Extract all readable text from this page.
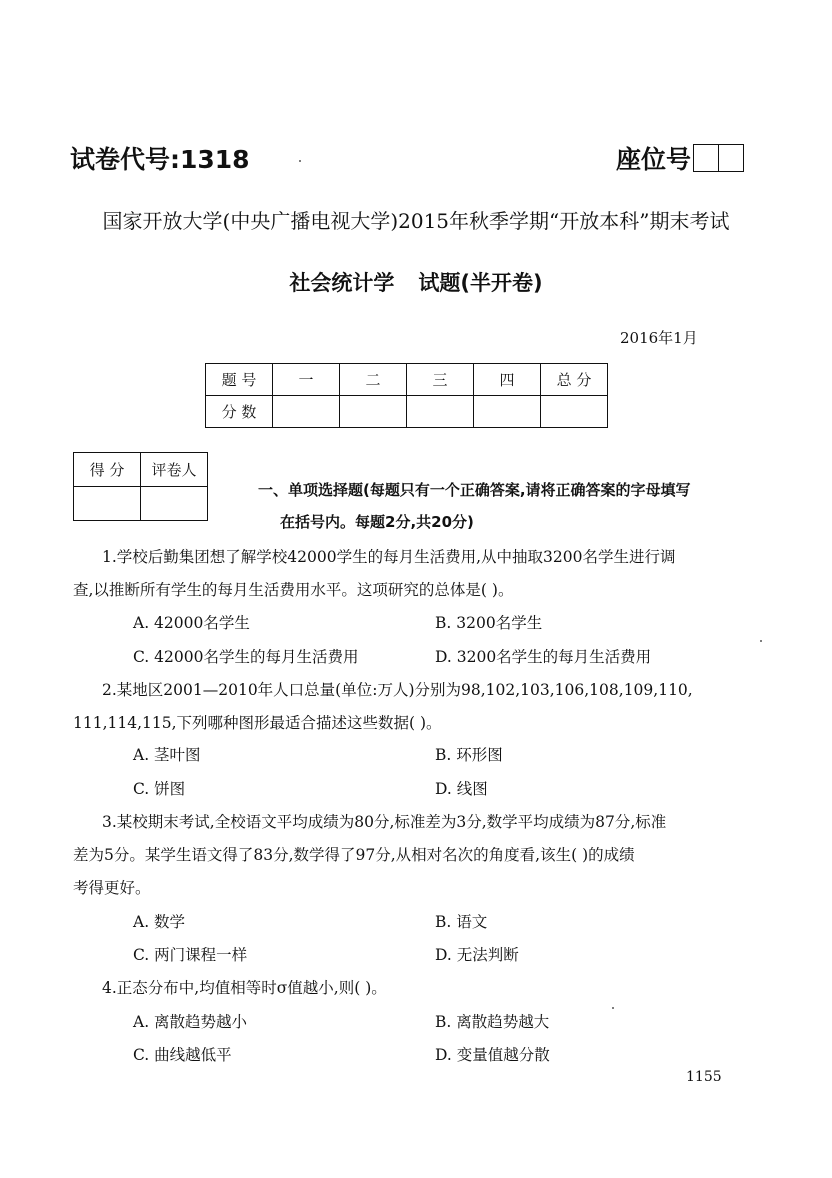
试卷代号:1318	座位号
国家开放大学(中央广播电视大学)2015年秋季学期“开放本科”期末考试
社会统计学 试题(半开卷)
2016年1月
题 号	一	二	三	四	总 分
分 数					
得 分	评卷人

一、单项选择题(每题只有一个正确答案,请将正确答案的字母填写
在括号内。每题2分,共20分)
1.学校后勤集团想了解学校42000学生的每月生活费用,从中抽取3200名学生进行调
查,以推断所有学生的每月生活费用水平。这项研究的总体是( )。
A. 42000名学生	B. 3200名学生
C. 42000名学生的每月生活费用	D. 3200名学生的每月生活费用
2.某地区2001—2010年人口总量(单位:万人)分别为98,102,103,106,108,109,110,
111,114,115,下列哪种图形最适合描述这些数据( )。
A. 茎叶图	B. 环形图
C. 饼图	D. 线图
3.某校期末考试,全校语文平均成绩为80分,标准差为3分,数学平均成绩为87分,标准
差为5分。某学生语文得了83分,数学得了97分,从相对名次的角度看,该生( )的成绩
考得更好。
A. 数学	B. 语文
C. 两门课程一样	D. 无法判断
4.正态分布中,均值相等时σ值越小,则( )。
A. 离散趋势越小	B. 离散趋势越大
C. 曲线越低平	D. 变量值越分散
1155
